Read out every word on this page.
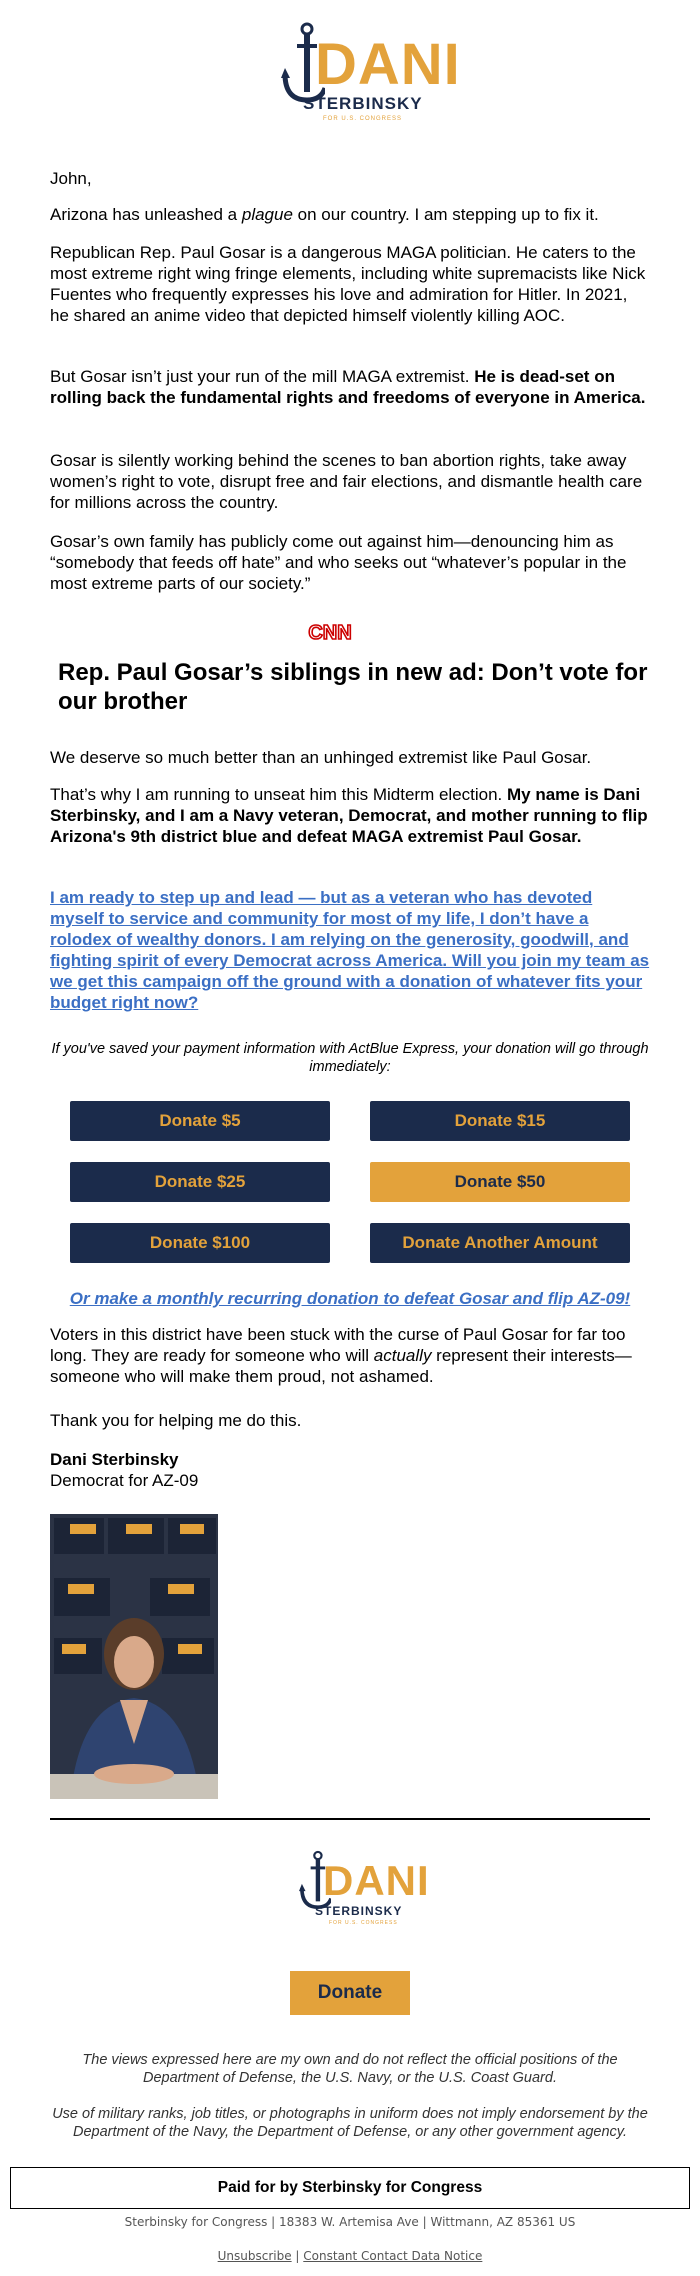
DANI
STERBINSKY
FOR U.S. CONGRESS

John,

Arizona has unleashed a plague on our country. I am stepping up to fix it.

Republican Rep. Paul Gosar is a dangerous MAGA politician. He caters to the most extreme right wing fringe elements, including white supremacists like Nick Fuentes who frequently expresses his love and admiration for Hitler. In 2021, he shared an anime video that depicted himself violently killing AOC.

But Gosar isn’t just your run of the mill MAGA extremist. He is dead-set on rolling back the fundamental rights and freedoms of everyone in America.

Gosar is silently working behind the scenes to ban abortion rights, take away women’s right to vote, disrupt free and fair elections, and dismantle health care for millions across the country.

Gosar’s own family has publicly come out against him—denouncing him as “somebody that feeds off hate” and who seeks out “whatever’s popular in the most extreme parts of our society.”

CNN
Rep. Paul Gosar’s siblings in new ad: Don’t vote for our brother

We deserve so much better than an unhinged extremist like Paul Gosar.

That’s why I am running to unseat him this Midterm election. My name is Dani Sterbinsky, and I am a Navy veteran, Democrat, and mother running to flip Arizona's 9th district blue and defeat MAGA extremist Paul Gosar.

I am ready to step up and lead — but as a veteran who has devoted myself to service and community for most of my life, I don’t have a rolodex of wealthy donors. I am relying on the generosity, goodwill, and fighting spirit of every Democrat across America. Will you join my team as we get this campaign off the ground with a donation of whatever fits your budget right now?

If you've saved your payment information with ActBlue Express, your donation will go through immediately:

Donate $5	Donate $15
Donate $25	Donate $50
Donate $100	Donate Another Amount

Or make a monthly recurring donation to defeat Gosar and flip AZ-09!

Voters in this district have been stuck with the curse of Paul Gosar for far too long. They are ready for someone who will actually represent their interests—someone who will make them proud, not ashamed.

Thank you for helping me do this.

Dani Sterbinsky

Democrat for AZ-09

DANI
STERBINSKY
FOR U.S. CONGRESS
Donate
The views expressed here are my own and do not reflect the official positions of the Department of Defense, the U.S. Navy, or the U.S. Coast Guard.
Use of military ranks, job titles, or photographs in uniform does not imply endorsement by the Department of the Navy, the Department of Defense, or any other government agency.
Paid for by Sterbinsky for Congress
Sterbinsky for Congress | 18383 W. Artemisa Ave | Wittmann, AZ 85361 US
Unsubscribe | Constant Contact Data Notice
